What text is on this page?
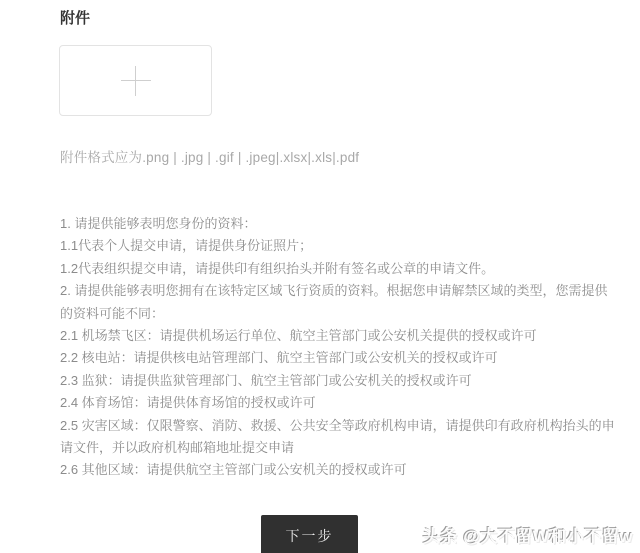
附件
附件格式应为.png | .jpg | .gif | .jpeg|.xlsx|.xls|.pdf
1. 请提供能够表明您身份的资料：
1.1代表个人提交申请，请提供身份证照片；
1.2代表组织提交申请，请提供印有组织抬头并附有签名或公章的申请文件。
2. 请提供能够表明您拥有在该特定区域飞行资质的资料。根据您申请解禁区域的类型，您需提供
的资料可能不同：
2.1 机场禁飞区：请提供机场运行单位、航空主管部门或公安机关提供的授权或许可
2.2 核电站：请提供核电站管理部门、航空主管部门或公安机关的授权或许可
2.3 监狱：请提供监狱管理部门、航空主管部门或公安机关的授权或许可
2.4 体育场馆：请提供体育场馆的授权或许可
2.5 灾害区域：仅限警察、消防、救援、公共安全等政府机构申请，请提供印有政府机构抬头的申
请文件，并以政府机构邮箱地址提交申请
2.6 其他区域：请提供航空主管部门或公安机关的授权或许可
下一步	头条 @大不留W和小不留w
